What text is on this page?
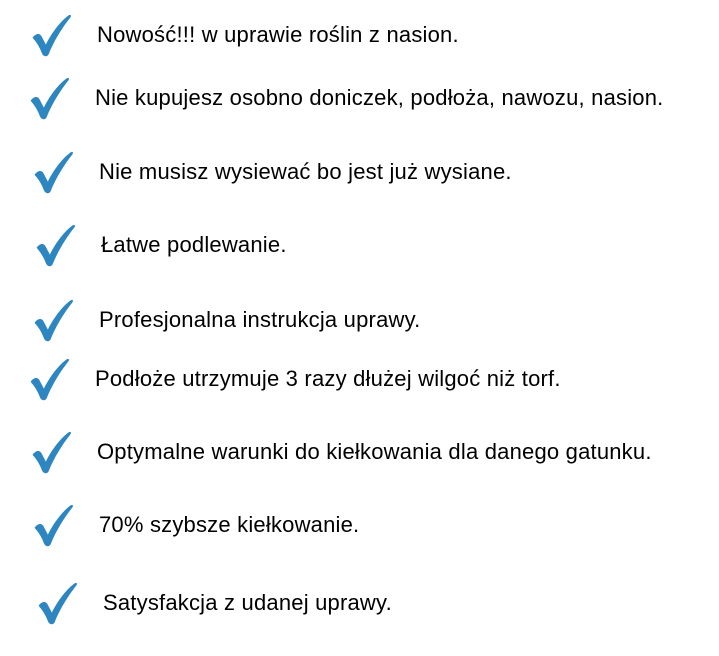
Nowość!!! w uprawie roślin z nasion.
Nie kupujesz osobno doniczek, podłoża, nawozu, nasion.
Nie musisz wysiewać bo jest już wysiane.
Łatwe podlewanie.
Profesjonalna instrukcja uprawy.
Podłoże utrzymuje 3 razy dłużej wilgoć niż torf.
Optymalne warunki do kiełkowania dla danego gatunku.
70% szybsze kiełkowanie.
Satysfakcja z udanej uprawy.
